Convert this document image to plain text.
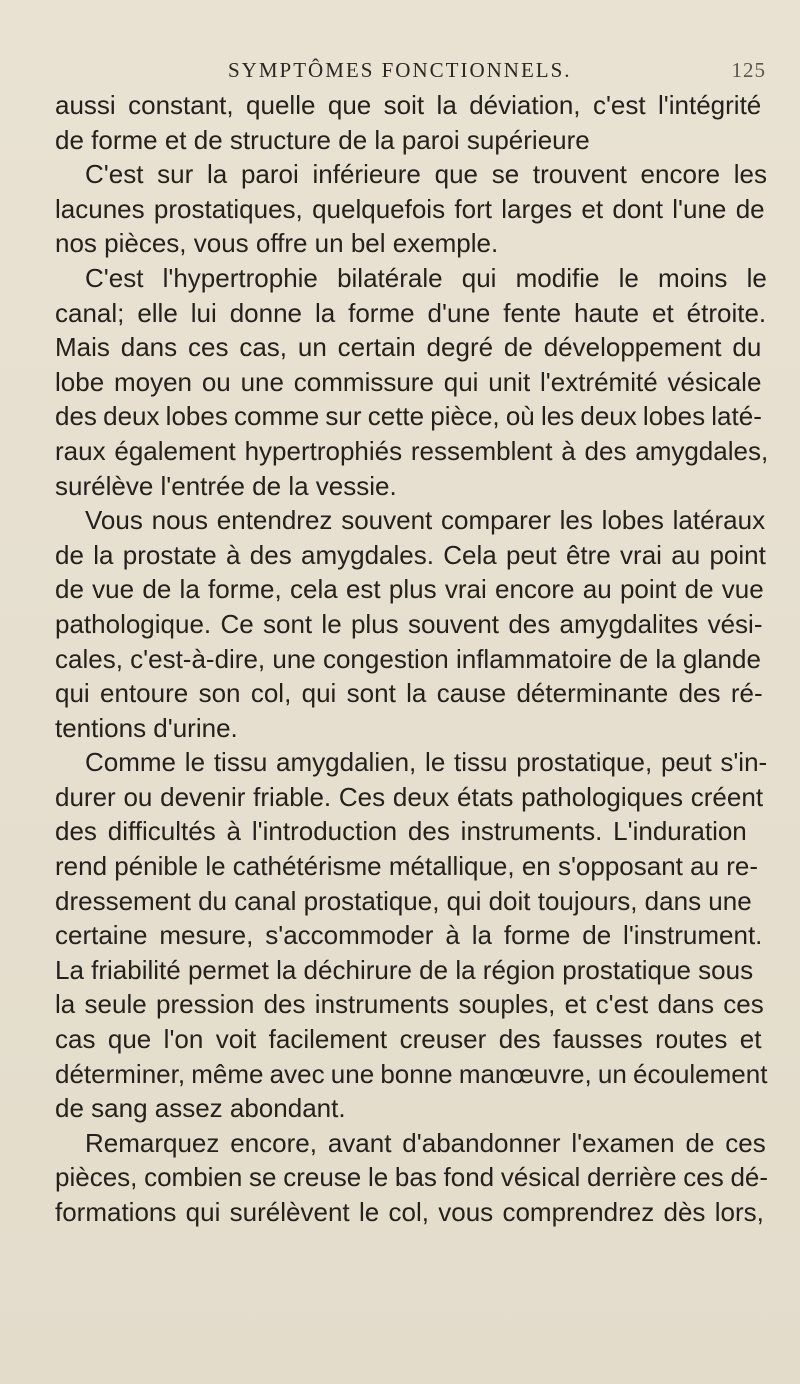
SYMPTÔMES FONCTIONNELS.	125
aussi constant, quelle que soit la déviation, c'est l'intégrité
de forme et de structure de la paroi supérieure
C'est sur la paroi inférieure que se trouvent encore les
lacunes prostatiques, quelquefois fort larges et dont l'une de
nos pièces, vous offre un bel exemple.
C'est l'hypertrophie bilatérale qui modifie le moins le
canal; elle lui donne la forme d'une fente haute et étroite.
Mais dans ces cas, un certain degré de développement du
lobe moyen ou une commissure qui unit l'extrémité vésicale
des deux lobes comme sur cette pièce, où les deux lobes laté-
raux également hypertrophiés ressemblent à des amygdales,
surélève l'entrée de la vessie.
Vous nous entendrez souvent comparer les lobes latéraux
de la prostate à des amygdales. Cela peut être vrai au point
de vue de la forme, cela est plus vrai encore au point de vue
pathologique. Ce sont le plus souvent des amygdalites vési-
cales, c'est-à-dire, une congestion inflammatoire de la glande
qui entoure son col, qui sont la cause déterminante des ré-
tentions d'urine.
Comme le tissu amygdalien, le tissu prostatique, peut s'in-
durer ou devenir friable. Ces deux états pathologiques créent
des difficultés à l'introduction des instruments. L'induration
rend pénible le cathétérisme métallique, en s'opposant au re-
dressement du canal prostatique, qui doit toujours, dans une
certaine mesure, s'accommoder à la forme de l'instrument.
La friabilité permet la déchirure de la région prostatique sous
la seule pression des instruments souples, et c'est dans ces
cas que l'on voit facilement creuser des fausses routes et
déterminer, même avec une bonne manœuvre, un écoulement
de sang assez abondant.
Remarquez encore, avant d'abandonner l'examen de ces
pièces, combien se creuse le bas fond vésical derrière ces dé-
formations qui surélèvent le col, vous comprendrez dès lors,
